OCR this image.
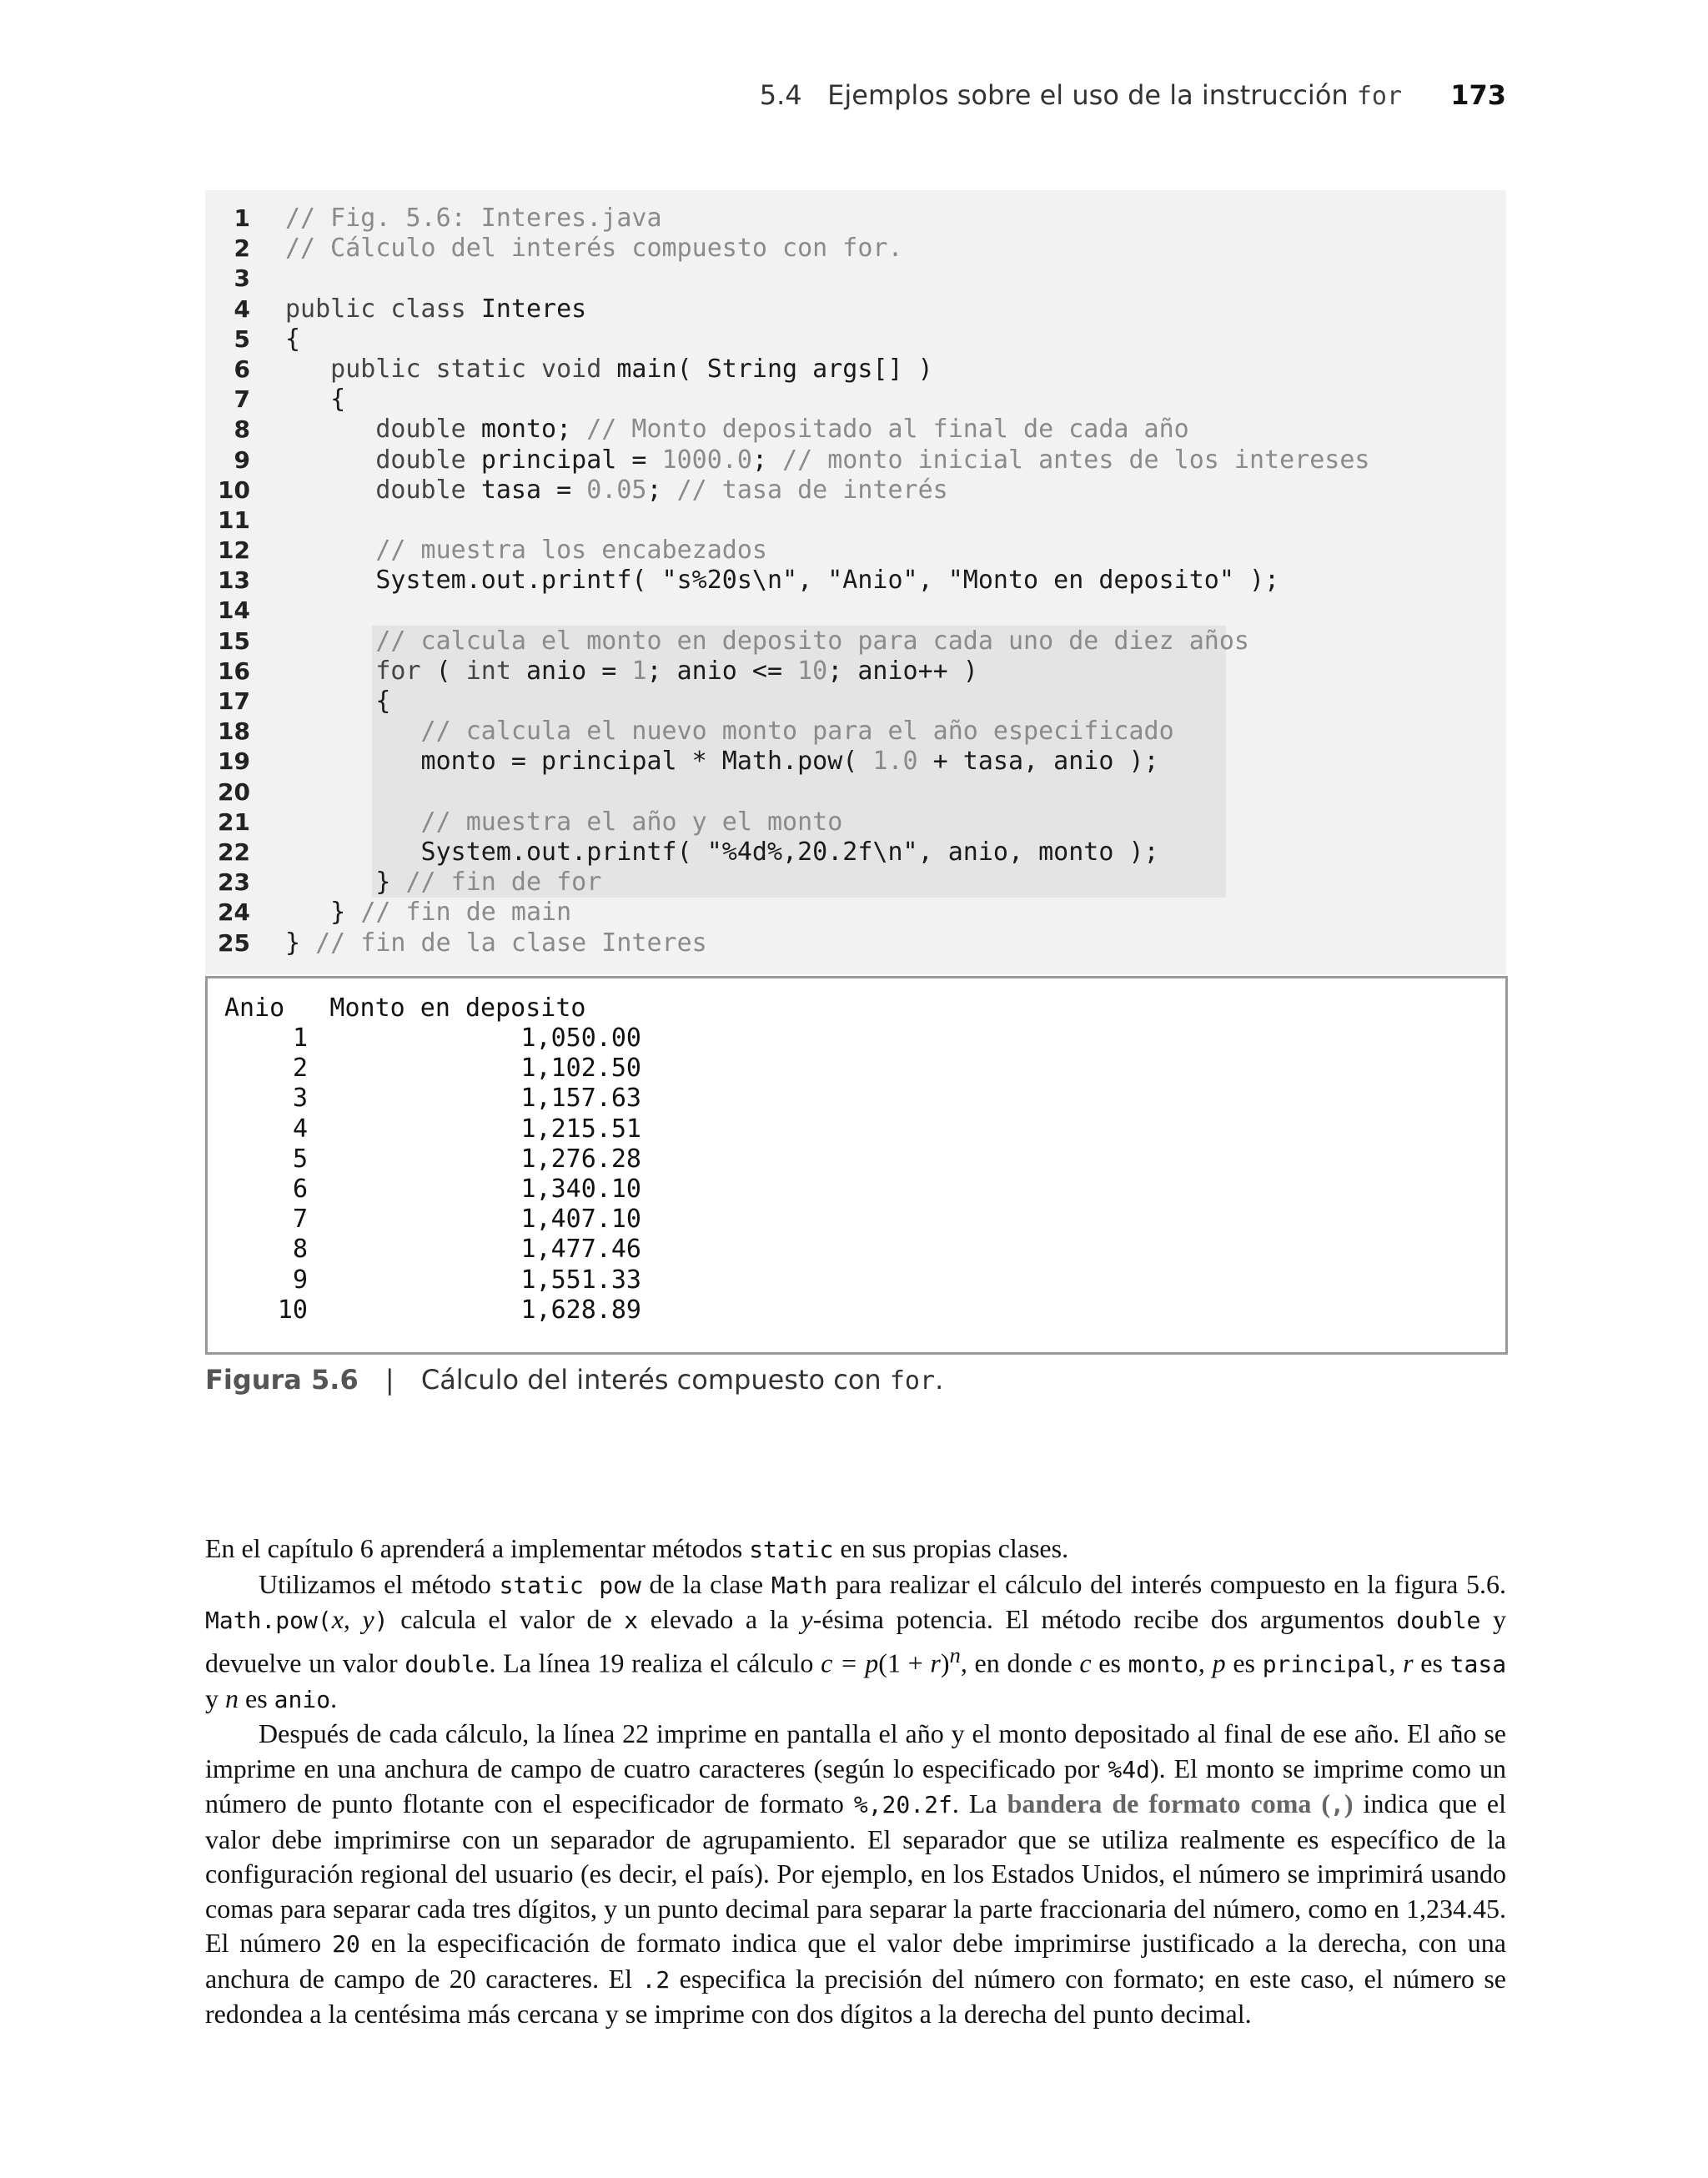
5.4 Ejemplos sobre el uso de la instrucción for 173
1 // Fig. 5.6: Interes.java
2 // Cálculo del interés compuesto con for.
3
4 public class Interes
5 {
6 public static void main( String args[] )
7 {
8 double monto; // Monto depositado al final de cada año
9 double principal = 1000.0; // monto inicial antes de los intereses
10 double tasa = 0.05; // tasa de interés
11
12 // muestra los encabezados
13 System.out.printf( "s%20s\n", "Anio", "Monto en deposito" );
14
15 // calcula el monto en deposito para cada uno de diez años
16 for ( int anio = 1; anio <= 10; anio++ )
17 {
18 // calcula el nuevo monto para el año especificado
19 monto = principal * Math.pow( 1.0 + tasa, anio );
20
21 // muestra el año y el monto
22 System.out.printf( "%4d%,20.2f\n", anio, monto );
23 } // fin de for
24 } // fin de main
25 } // fin de la clase Interes
Anio   Monto en deposito
1	1,050.00
2	1,102.50
3	1,157.63
4	1,215.51
5	1,276.28
6	1,340.10
7	1,407.10
8	1,477.46
9	1,551.33
10	1,628.89
Figura 5.6 | Cálculo del interés compuesto con for.

En el capítulo 6 aprenderá a implementar métodos static en sus propias clases.

Utilizamos el método static pow de la clase Math para realizar el cálculo del interés compuesto en la figura 5.6. Math.pow(x, y) calcula el valor de x elevado a la y-ésima potencia. El método recibe dos argumentos double y devuelve un valor double. La línea 19 realiza el cálculo $c = p(1 + r)^n$, en donde c es monto, p es principal, r es tasa y n es anio.

Después de cada cálculo, la línea 22 imprime en pantalla el año y el monto depositado al final de ese año. El año se imprime en una anchura de campo de cuatro caracteres (según lo especificado por %4d). El monto se imprime como un número de punto flotante con el especificador de formato %,20.2f. La bandera de formato coma (,) indica que el valor debe imprimirse con un separador de agrupamiento. El separador que se utiliza realmente es específico de la configuración regional del usuario (es decir, el país). Por ejemplo, en los Estados Unidos, el número se imprimirá usando comas para separar cada tres dígitos, y un punto decimal para separar la parte fraccionaria del número, como en 1,234.45. El número 20 en la especificación de formato indica que el valor debe imprimirse justificado a la derecha, con una anchura de campo de 20 caracteres. El .2 especifica la precisión del número con formato; en este caso, el número se redondea a la centésima más cercana y se imprime con dos dígitos a la derecha del punto decimal.
